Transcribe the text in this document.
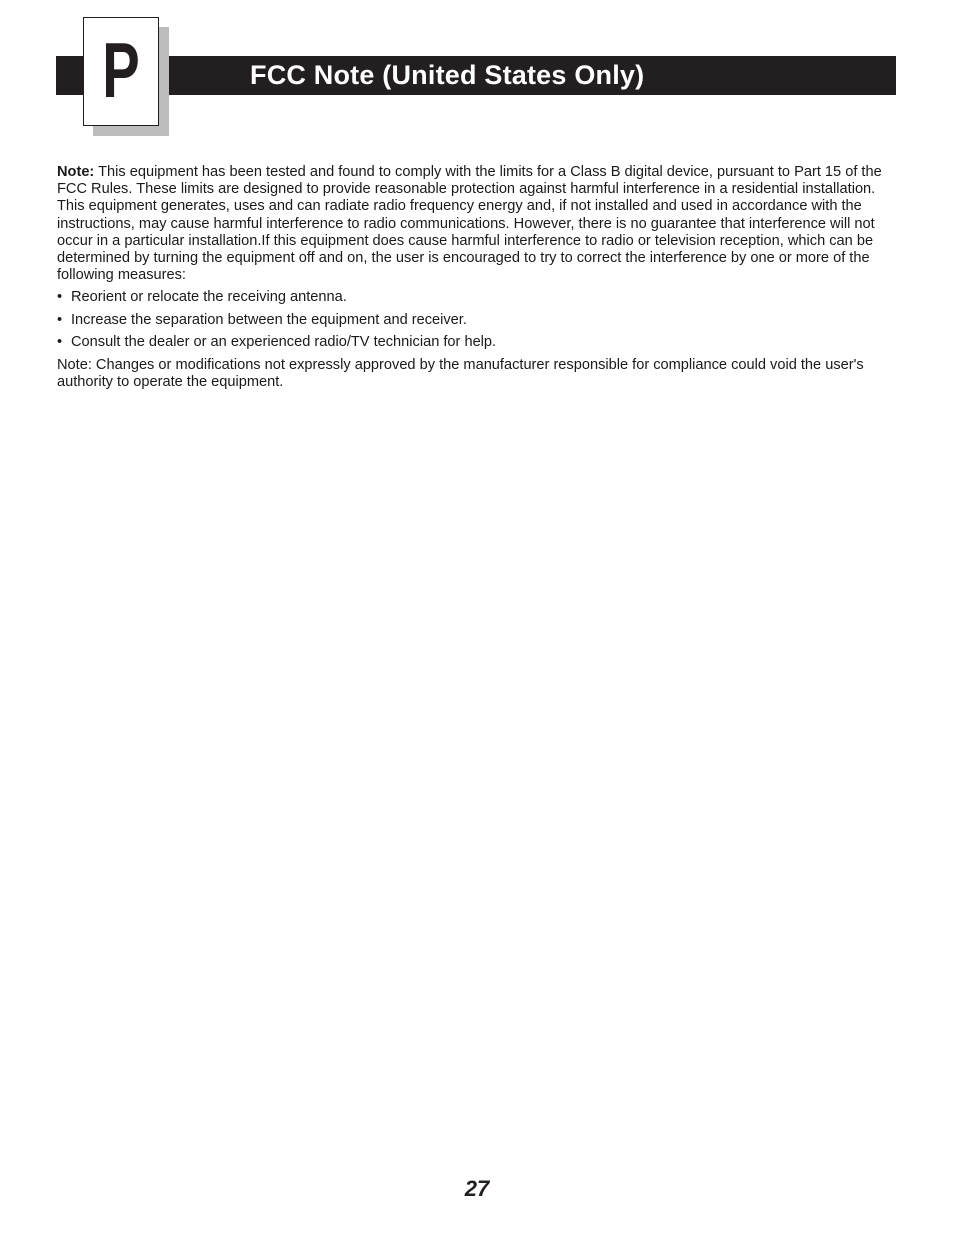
P	FCC Note (United States Only)

Note: This equipment has been tested and found to comply with the limits for a Class B digital device, pursuant to Part 15 of the FCC Rules. These limits are designed to provide reasonable protection against harmful interference in a residential installation. This equipment generates, uses and can radiate radio frequency energy and, if not installed and used in accordance with the instructions, may cause harmful interference to radio communications. However, there is no guarantee that interference will not occur in a particular installation.If this equipment does cause harmful interference to radio or television reception, which can be determined by turning the equipment off and on, the user is encouraged to try to correct the interference by one or more of the following measures:

• Reorient or relocate the receiving antenna.
• Increase the separation between the equipment and receiver.
• Consult the dealer or an experienced radio/TV technician for help.

Note: Changes or modifications not expressly approved by the manufacturer responsible for compliance could void the user's authority to operate the equipment.

27
